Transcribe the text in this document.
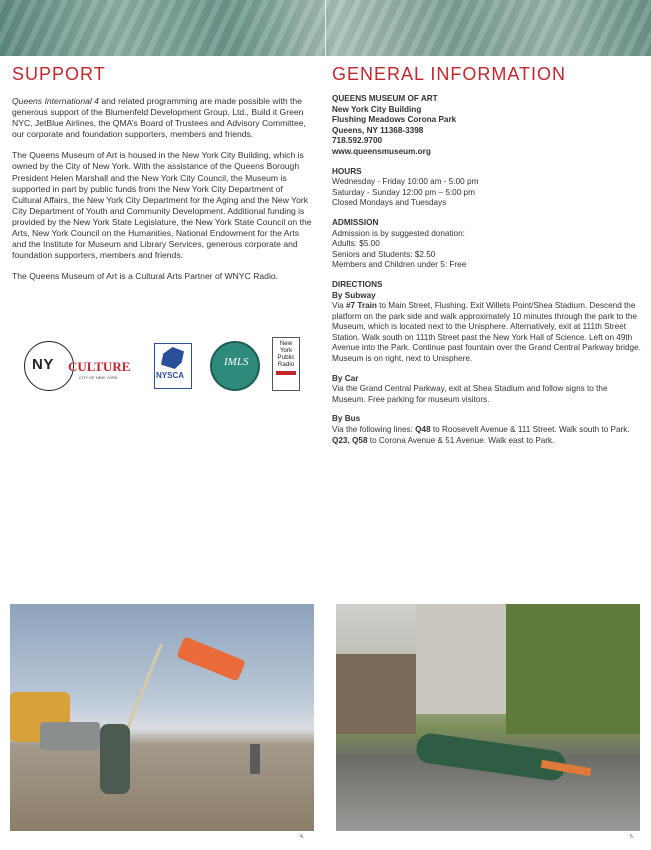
SUPPORT

Queens International 4 and related programming are made possible with the generous support of the Blumenfeld Development Group, Ltd., Build it Green NYC, JetBlue Airlines, the QMA’s Board of Trustees and Advisory Committee, our corporate and foundation supporters, members and friends.

The Queens Museum of Art is housed in the New York City Building, which is owned by the City of New York. With the assistance of the Queens Borough President Helen Marshall and the New York City Council, the Museum is supported in part by public funds from the New York City Department of Cultural Affairs, the New York City Department for the Aging and the New York City Department of Youth and Community Development. Additional funding is provided by the New York State Legislature, the New York State Council on the Arts, New York Council on the Humanities, National Endowment for the Arts and the Institute for Museum and Library Services, generous corporate and foundation supporters, members and friends.

The Queens Museum of Art is a Cultural Arts Partner of WNYC Radio.

NY CULTURE
CITY OF NEW YORK	NYSCA
IMLS
New York Public Radio
GENERAL INFORMATION
QUEENS MUSEUM OF ART
New York City Building
Flushing Meadows Corona Park
Queens, NY 11368-3398
718.592.9700
www.queensmuseum.org
HOURS
Wednesday - Friday 10:00 am - 5:00 pm
Saturday - Sunday 12:00 pm – 5:00 pm
Closed Mondays and Tuesdays
ADMISSION
Admission is by suggested donation:
Adults: $5.00
Seniors and Students: $2.50
Members and Children under 5: Free
DIRECTIONS
By Subway
Via #7 Train to Main Street, Flushing. Exit Willets Point/Shea Stadium. Descend the platform on the park side and walk approximately 10 minutes through the park to the Museum, which is located next to the Unisphere. Alternatively, exit at 111th Street Station. Walk south on 111th Street past the New York Hall of Science. Left on 49th Avenue into the Park. Continue past fountain over the Grand Central Parkway bridge. Museum is on right, next to Unisphere.
By Car
Via the Grand Central Parkway, exit at Shea Stadium and follow signs to the Museum. Free parking for museum visitors.
By Bus
Via the following lines: Q48 to Roosevelt Avenue & 111 Street. Walk south to Park.
Q23, Q58 to Corona Avenue & 51 Avenue. Walk east to Park.
4.	5.
